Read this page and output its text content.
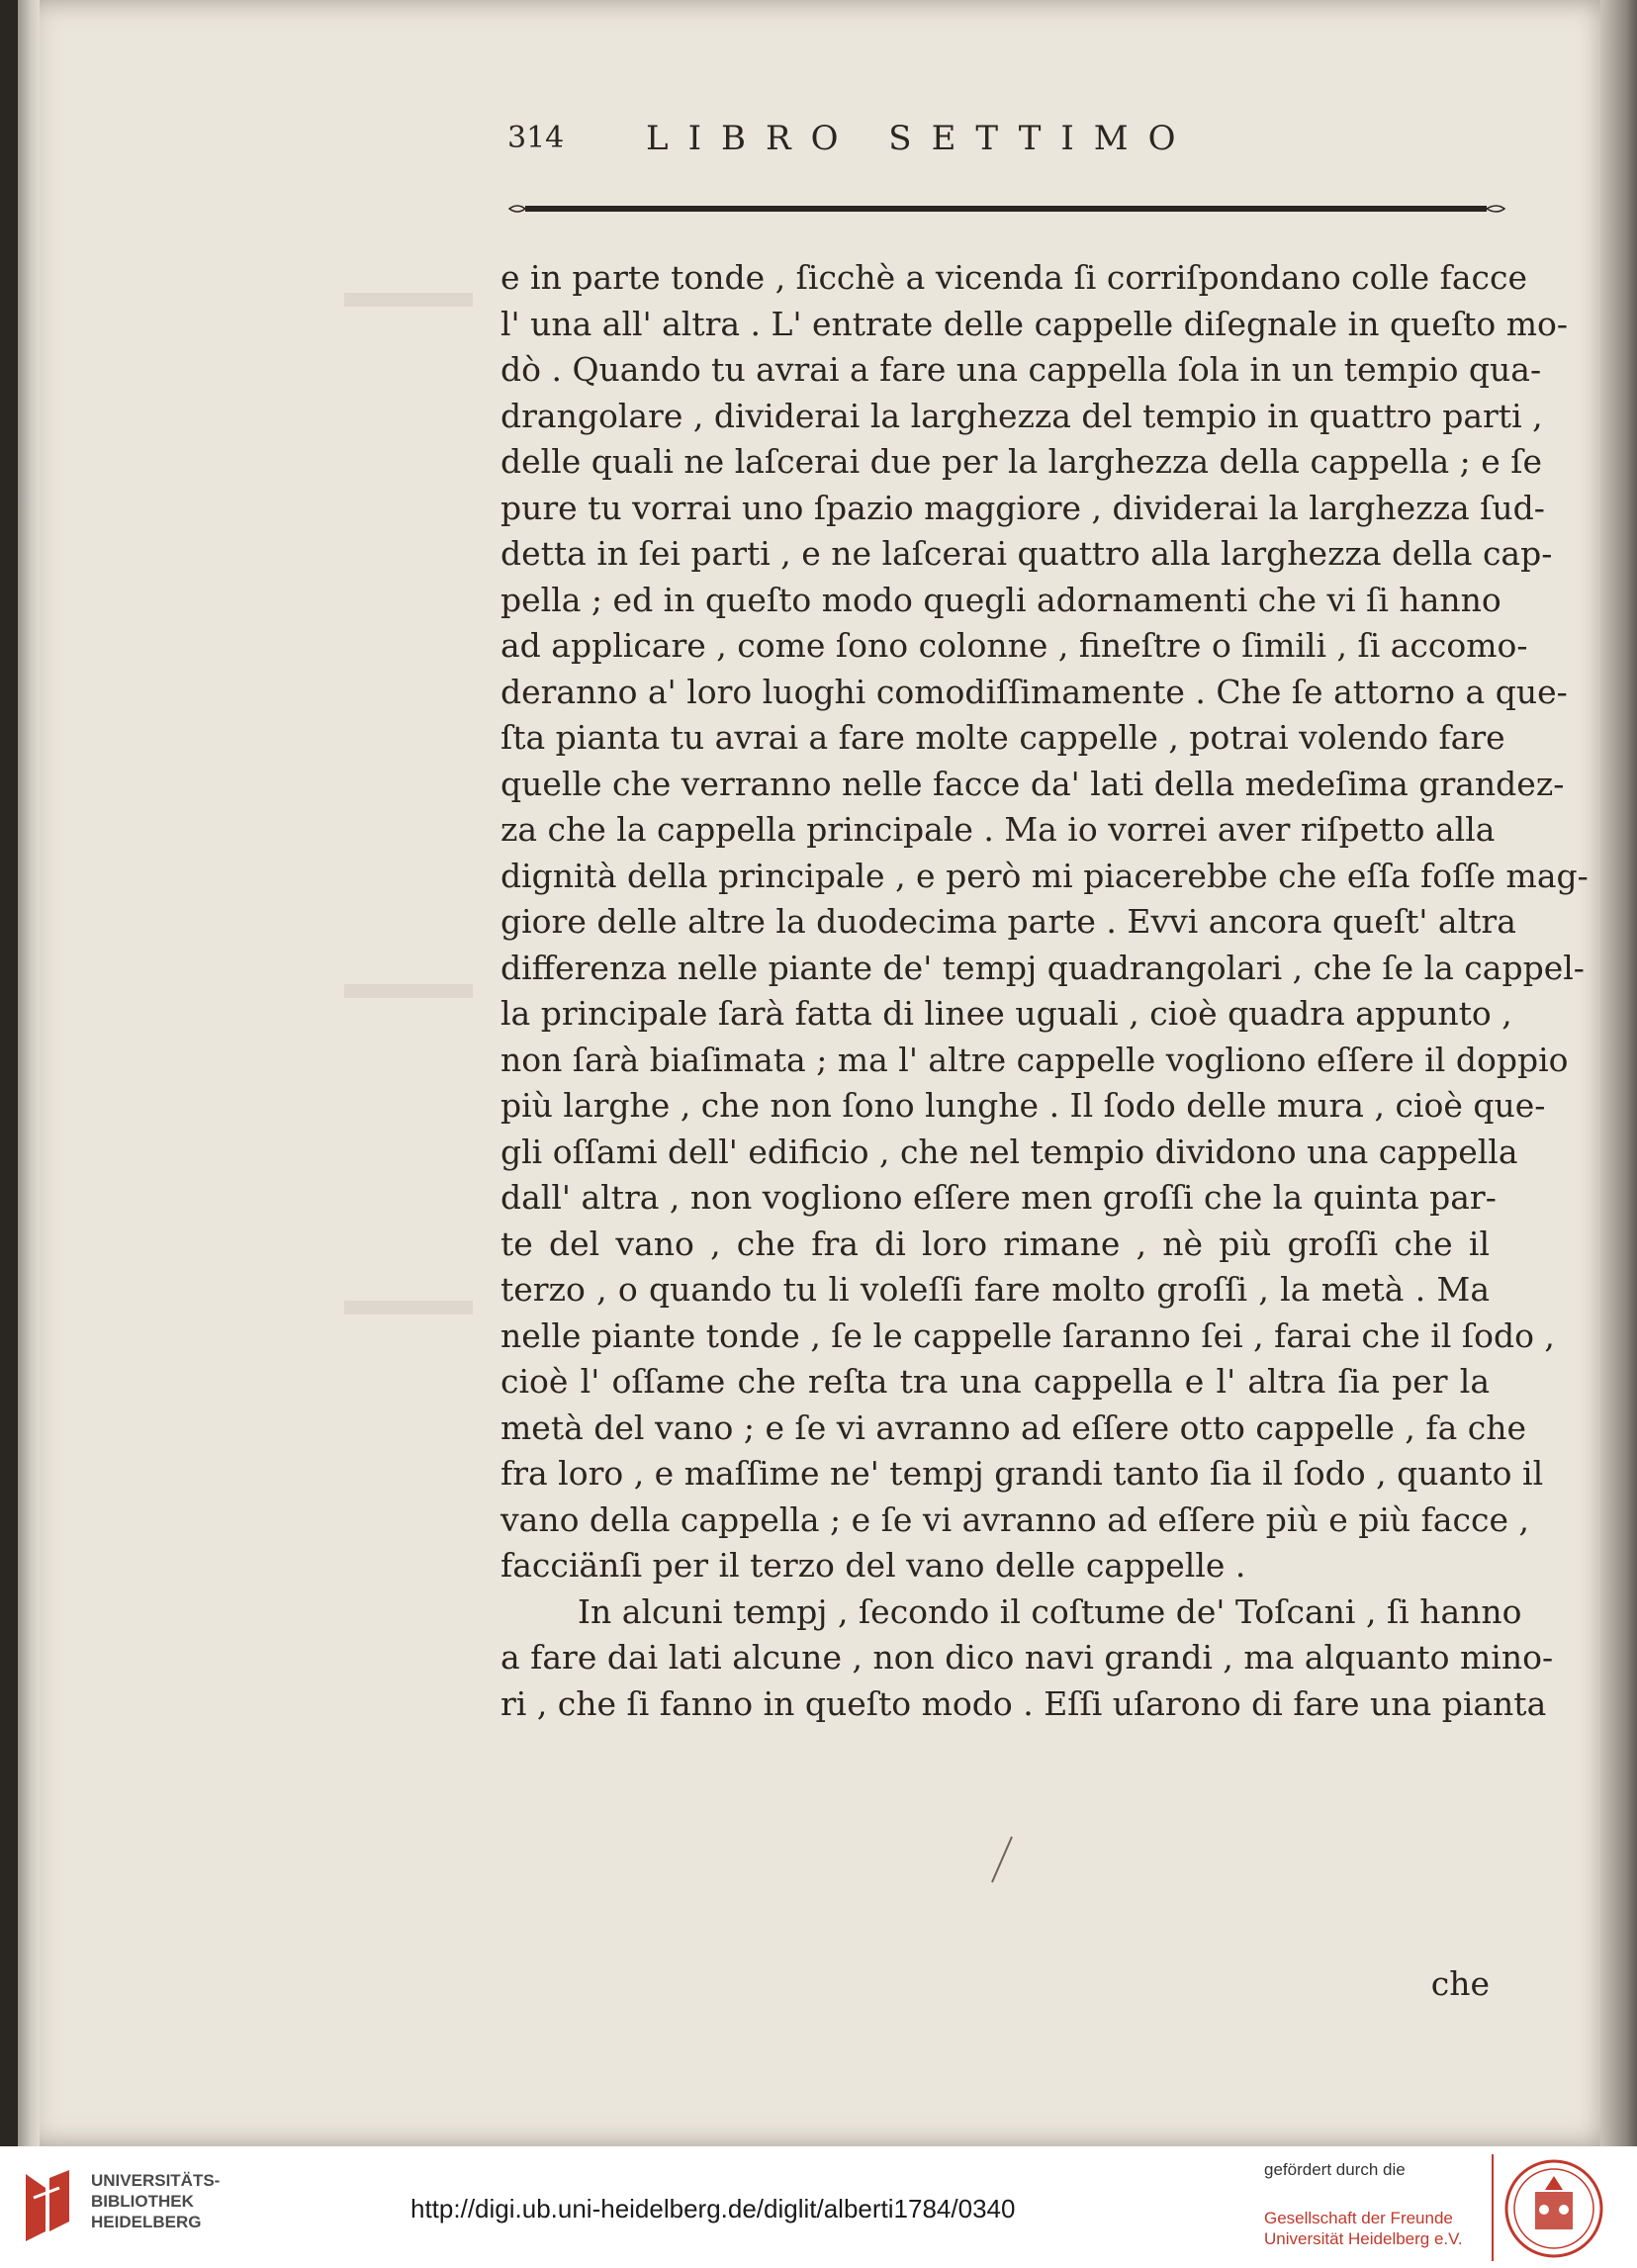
314 LIBRO SETTIMO
e in parte tonde , ſicchè a vicenda ſi corriſpondano colle facce
l' una all' altra . L' entrate delle cappelle diſegnale in queſto mo-
dò . Quando tu avrai a fare una cappella ſola in un tempio qua-
drangolare , dividerai la larghezza del tempio in quattro parti ,
delle quali ne laſcerai due per la larghezza della cappella ; e ſe
pure tu vorrai uno ſpazio maggiore , dividerai la larghezza ſud-
detta in ſei parti , e ne laſcerai quattro alla larghezza della cap-
pella ; ed in queſto modo quegli adornamenti che vi ſi hanno
ad applicare , come ſono colonne , fineſtre o ſimili , ſi accomo-
deranno a' loro luoghi comodiſſimamente . Che ſe attorno a que-
ſta pianta tu avrai a fare molte cappelle , potrai volendo fare
quelle che verranno nelle facce da' lati della medeſima grandez-
za che la cappella principale . Ma io vorrei aver riſpetto alla
dignità della principale , e però mi piacerebbe che eſſa foſſe mag-
giore delle altre la duodecima parte . Evvi ancora queſt' altra
differenza nelle piante de' tempj quadrangolari , che ſe la cappel-
la principale ſarà fatta di linee uguali , cioè quadra appunto ,
non ſarà biaſimata ; ma l' altre cappelle vogliono eſſere il doppio
più larghe , che non ſono lunghe . Il ſodo delle mura , cioè que-
gli oſſami dell' edificio , che nel tempio dividono una cappella
dall' altra , non vogliono eſſere men groſſi che la quinta par-
te del vano , che fra di loro rimane , nè più groſſi che il
terzo , o quando tu li voleſſi fare molto groſſi , la metà . Ma
nelle piante tonde , ſe le cappelle ſaranno ſei , farai che il ſodo ,
cioè l' oſſame che reſta tra una cappella e l' altra ſia per la
metà del vano ; e ſe vi avranno ad eſſere otto cappelle , fa che
fra loro , e maſſime ne' tempj grandi tanto ſia il ſodo , quanto il
vano della cappella ; e ſe vi avranno ad eſſere più e più facce ,
facciänſi per il terzo del vano delle cappelle .
In alcuni tempj , ſecondo il coſtume de' Toſcani , ſi hanno
a fare dai lati alcune , non dico navi grandi , ma alquanto mino-
ri , che ſi fanno in queſto modo . Eſſi uſarono di fare una pianta
che
UNIVERSITÄTS-
BIBLIOTHEK
HEIDELBERG	http://digi.ub.uni-heidelberg.de/diglit/alberti1784/0340
gefördert durch die
Gesellschaft der Freunde
Universität Heidelberg e.V.
